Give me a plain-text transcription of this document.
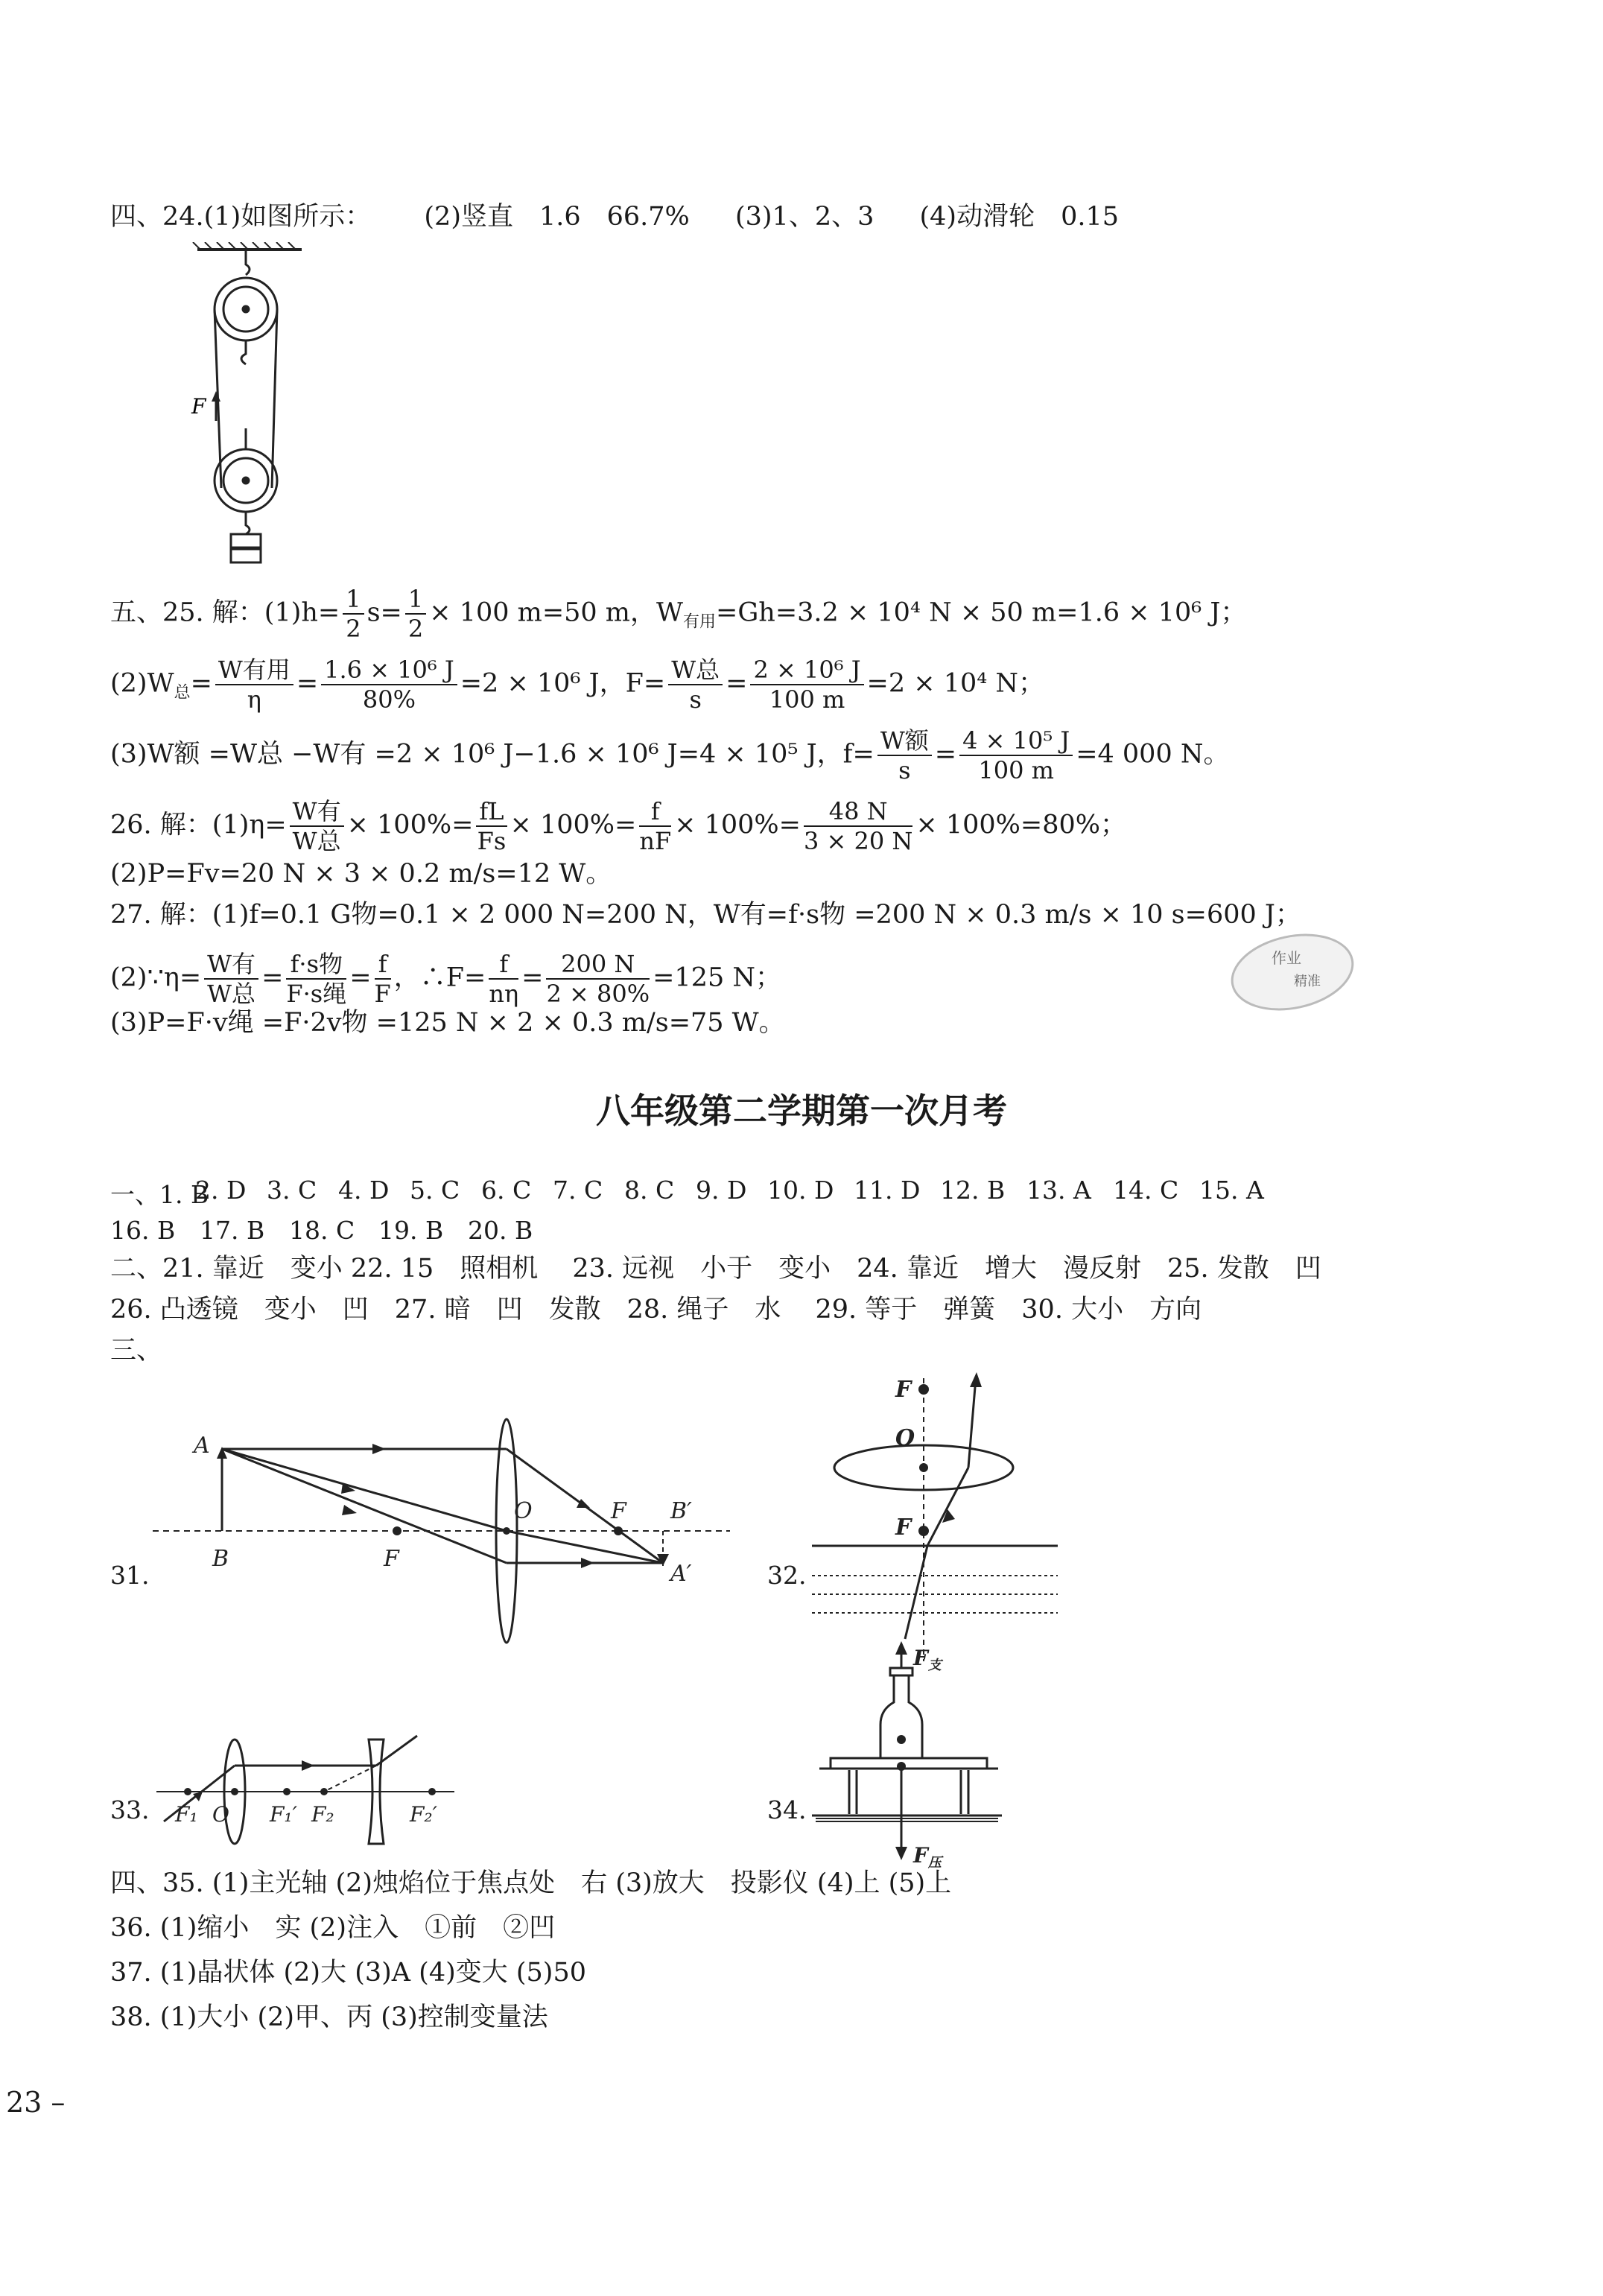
四、24.(1)如图所示： (2)竖直　1.6　66.7% (3)1、2、3 (4)动滑轮　0.15
F
五、25. 解：$(1)h= \frac{1}{2} s= \frac{1}{2} \times 100$ m=50 m，$W_{有用}=Gh=3.2 \times 10^4$ N × 50 m=1.6 × 10⁶ J；
$(2)W_总= \frac{\text{W有用}}{\eta} = \frac{\text{1.6 × 10⁶ J}}{80\%} =2 \times 10^6$ J，$F= \frac{\text{W总}}{s} = \frac{\text{2 × 10⁶ J}}{100 m} =2 \times 10^4$ N；
(3)W额 =W总 −W有 =2 × 10⁶ J−1.6 × 10⁶ J=4 × 10⁵ J，$f= \frac{\text{W额}}{s} = \frac{\text{4 × 10⁵ J}}{100 m} =4$ 000 N。
26. 解：$(1)\eta= \frac{\text{W有}}{\text{W总}} \times 100\%= \frac{fL}{Fs} \times 100\%= \frac{f}{nF} \times 100\%= \frac{48 N}{3 \times 20 N} \times 100\%=80\%$；
(2)P=Fv=20 N × 3 × 0.2 m/s=12 W。
27. 解：(1)f=0.1 G物=0.1 × 2 000 N=200 N，W有=f·s物 =200 N × 0.3 m/s × 10 s=600 J；
(2)∵η= $\frac{\text{W有}}{\text{W总}} = \frac{\text{f·s物}}{\text{F·s绳}} = \frac{f}{F}$ ，∴F= $\frac{f}{n\eta} = \frac{200 N}{2 \times 80\%} =125$ N；
(3)P=F·v绳 =F·2v物 =125 N × 2 × 0.3 m/s=75 W。
作业
精准
八年级第二学期第一次月考
一、1. B
2. D 3. C 4. D 5. C 6. C 7. C 8. C 9. D 10. D 11. D 12. B 13. A 14. C 15. A
16. B 17. B 18. C 19. B 20. B
二、21. 靠近　变小 22. 15　照相机　 23. 远视　小于　变小　24. 靠近　增大　漫反射　25. 发散　凹
26. 凸透镜　变小　凹　27. 暗　凹　发散　28. 绳子　水　 29. 等于　弹簧　30. 大小　方向
三、
31.	32.
33.	34.
A
B	F
O	F B′
A′
F
O
F
F₁ O F₁′ F₂	F₂′
$F_支$
$F_压$
四、35. (1)主光轴 (2)烛焰位于焦点处　右 (3)放大　投影仪 (4)上 (5)上
36. (1)缩小　实 (2)注入　①前　②凹
37. (1)晶状体 (2)大 (3)A (4)变大 (5)50
38. (1)大小 (2)甲、丙 (3)控制变量法
23 –
